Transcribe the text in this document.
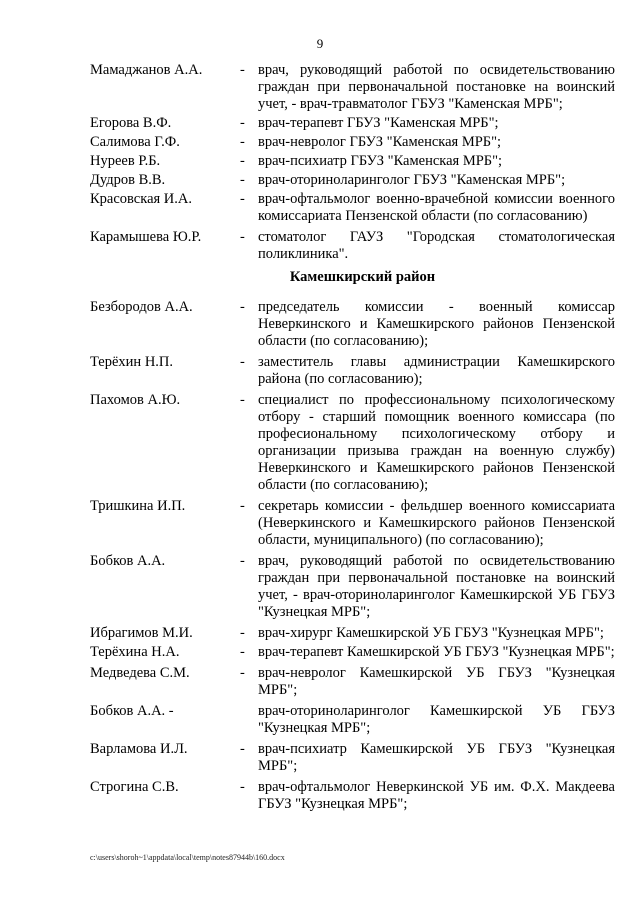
9
Мамаджанов А.А.	- врач, руководящий работой по освидетельствованию граждан при первоначальной постановке на воинский учет, - врач-травматолог ГБУЗ "Каменская МРБ";
Егорова В.Ф.	- врач-терапевт ГБУЗ "Каменская МРБ";
Салимова Г.Ф.	- врач-невролог ГБУЗ "Каменская МРБ";
Нуреев Р.Б.	- врач-психиатр ГБУЗ "Каменская МРБ";
Дудров В.В.	- врач-оториноларинголог ГБУЗ "Каменская МРБ";
Красовская И.А.	- врач-офтальмолог военно-врачебной комиссии военного комиссариата Пензенской области (по согласованию)
Карамышева Ю.Р.	- стоматолог ГАУЗ "Городская стоматологическая поликлиника".
Камешкирский район
Безбородов А.А.	- председатель комиссии - военный комиссар Неверкинского и Камешкирского районов Пензенской области (по согласованию);
Терёхин Н.П.	- заместитель главы администрации Камешкирского района (по согласованию);
Пахомов А.Ю.	- специалист по профессиональному психологическому отбору - старший помощник военного комиссара (по професиональному психологическому отбору и организации призыва граждан на военную службу) Неверкинского и Камешкирского районов Пензенской области (по согласованию);
Тришкина И.П.	- секретарь комиссии - фельдшер военного комиссариата (Неверкинского и Камешкирского районов Пензенской области, муниципального) (по согласованию);
Бобков А.А.	- врач, руководящий работой по освидетельствованию граждан при первоначальной постановке на воинский учет, - врач-оториноларинголог Камешкирской УБ ГБУЗ "Кузнецкая МРБ";
Ибрагимов М.И.	- врач-хирург Камешкирской УБ ГБУЗ "Кузнецкая МРБ";
Терёхина Н.А.	- врач-терапевт Камешкирской УБ ГБУЗ "Кузнецкая МРБ";
Медведева С.М.	- врач-невролог Камешкирской УБ ГБУЗ "Кузнецкая МРБ";
Бобков А.А. -	врач-оториноларинголог Камешкирской УБ ГБУЗ "Кузнецкая МРБ";
Варламова И.Л.	- врач-психиатр Камешкирской УБ ГБУЗ "Кузнецкая МРБ";
Строгина С.В.	- врач-офтальмолог Неверкинской УБ им. Ф.Х. Макдеева ГБУЗ "Кузнецкая МРБ";
c:\users\shoroh~1\appdata\local\temp\notes87944b\160.docx
